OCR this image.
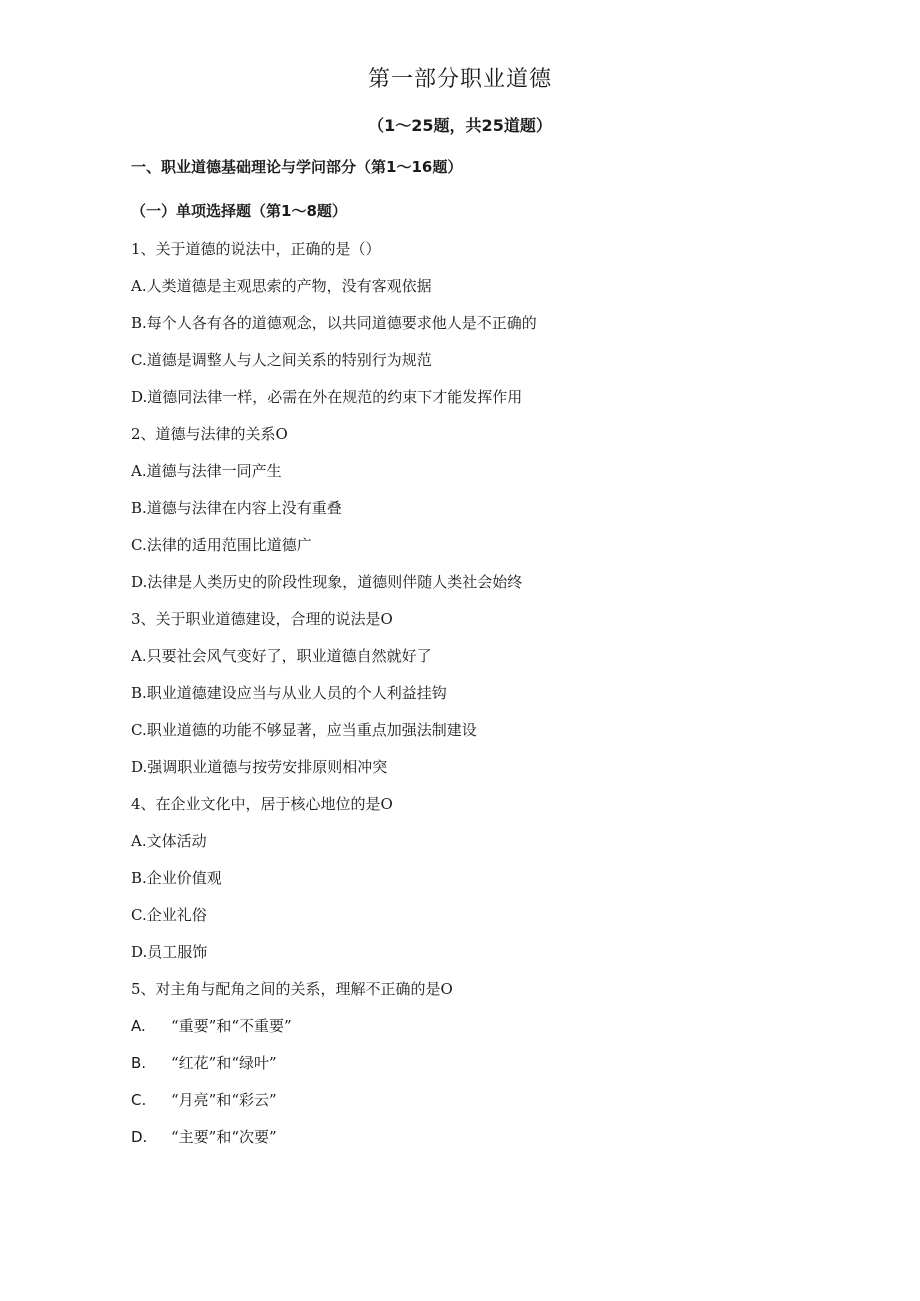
第一部分职业道德
（1〜25题，共25道题）
一、职业道德基础理论与学问部分（第1〜16题）
（一）单项选择题（第1〜8题）
1、关于道德的说法中，正确的是（）
A.人类道德是主观思索的产物，没有客观依据
B.每个人各有各的道德观念，以共同道德要求他人是不正确的
C.道德是调整人与人之间关系的特别行为规范
D.道德同法律一样，必需在外在规范的约束下才能发挥作用
2、道德与法律的关系O
A.道德与法律一同产生
B.道德与法律在内容上没有重叠
C.法律的适用范围比道德广
D.法律是人类历史的阶段性现象，道德则伴随人类社会始终
3、关于职业道德建设，合理的说法是O
A.只要社会风气变好了，职业道德自然就好了
B.职业道德建设应当与从业人员的个人利益挂钩
C.职业道德的功能不够显著，应当重点加强法制建设
D.强调职业道德与按劳安排原则相冲突
4、在企业文化中，居于核心地位的是O
A.文体活动
B.企业价值观
C.企业礼俗
D.员工服饰
5、对主角与配角之间的关系，理解不正确的是O
A. “重要”和“不重要”
B. “红花”和“绿叶”
C. “月亮”和“彩云”
D. “主要”和“次要”
